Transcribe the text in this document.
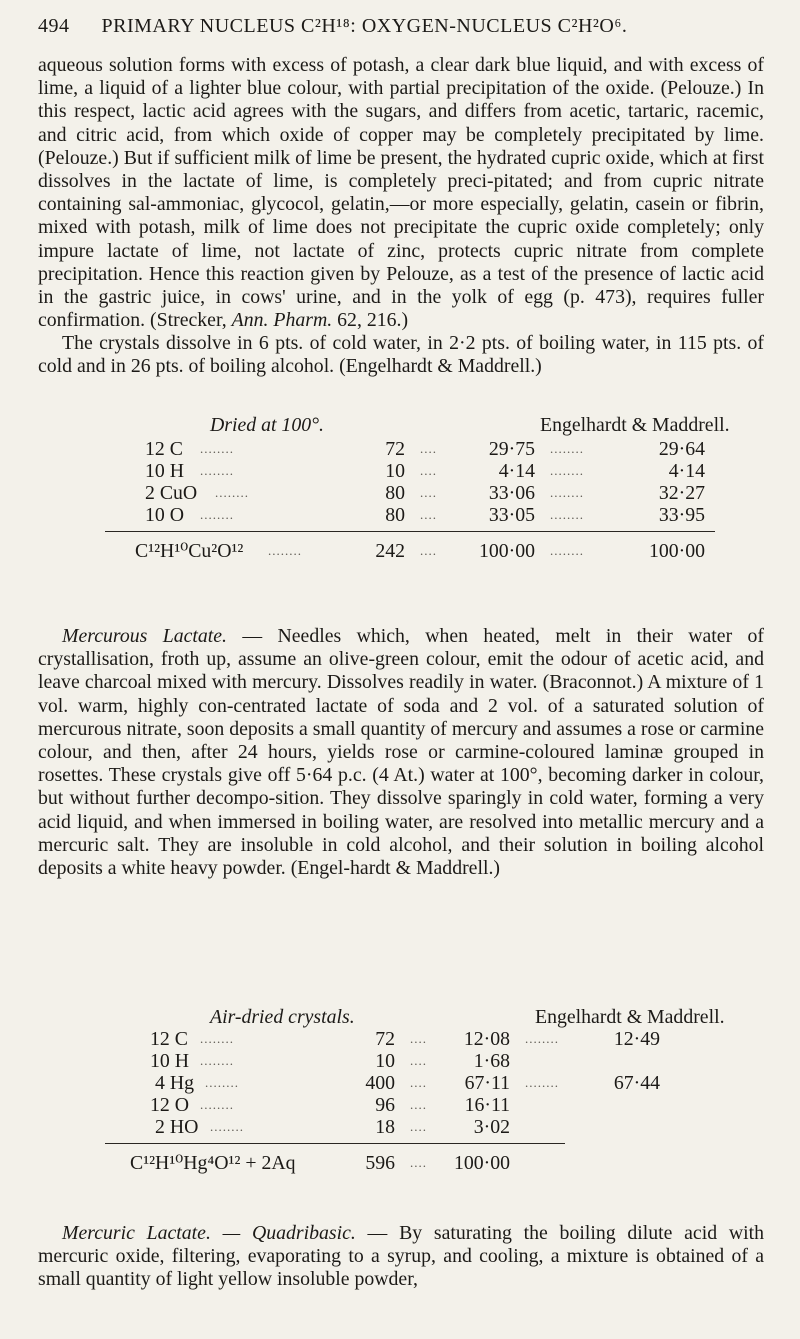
494 PRIMARY NUCLEUS C²H¹⁸: OXYGEN-NUCLEUS C²H²O⁶.
aqueous solution forms with excess of potash, a clear dark blue liquid, and with excess of lime, a liquid of a lighter blue colour, with partial precipitation of the oxide. (Pelouze.) In this respect, lactic acid agrees with the sugars, and differs from acetic, tartaric, racemic, and citric acid, from which oxide of copper may be completely precipitated by lime. (Pelouze.) But if sufficient milk of lime be present, the hydrated cupric oxide, which at first dissolves in the lactate of lime, is completely preci-pitated; and from cupric nitrate containing sal-ammoniac, glycocol, gelatin,—or more especially, gelatin, casein or fibrin, mixed with potash, milk of lime does not precipitate the cupric oxide completely; only impure lactate of lime, not lactate of zinc, protects cupric nitrate from complete precipitation. Hence this reaction given by Pelouze, as a test of the presence of lactic acid in the gastric juice, in cows' urine, and in the yolk of egg (p. 473), requires fuller confirmation. (Strecker, Ann. Pharm. 62, 216.)
The crystals dissolve in 6 pts. of cold water, in 2·2 pts. of boiling water, in 115 pts. of cold and in 26 pts. of boiling alcohol. (Engelhardt & Maddrell.)
Dried at 100°.	Engelhardt & Maddrell.
12 C ........	72 ....	29·75 ........	29·64
10 H ........	10 ....	4·14 ........	4·14
2 CuO ........	80 ....	33·06 ........	32·27
10 O ........	80 ....	33·05 ........	33·95
C¹²H¹⁰Cu²O¹² ........	242 ....	100·00 ........	100·00
Mercurous Lactate. — Needles which, when heated, melt in their water of crystallisation, froth up, assume an olive-green colour, emit the odour of acetic acid, and leave charcoal mixed with mercury. Dissolves readily in water. (Braconnot.) A mixture of 1 vol. warm, highly con-centrated lactate of soda and 2 vol. of a saturated solution of mercurous nitrate, soon deposits a small quantity of mercury and assumes a rose or carmine colour, and then, after 24 hours, yields rose or carmine-coloured laminæ grouped in rosettes. These crystals give off 5·64 p.c. (4 At.) water at 100°, becoming darker in colour, but without further decompo-sition. They dissolve sparingly in cold water, forming a very acid liquid, and when immersed in boiling water, are resolved into metallic mercury and a mercuric salt. They are insoluble in cold alcohol, and their solution in boiling alcohol deposits a white heavy powder. (Engel-hardt & Maddrell.)
Air-dried crystals.	Engelhardt & Maddrell.
12 C ........	72 ....	12·08 ........	12·49
10 H ........	10 ....	1·68
4 Hg ........	400 ....	67·11 ........	67·44
12 O ........	96 ....	16·11
2 HO ........	18 ....	3·02
C¹²H¹⁰Hg⁴O¹² + 2Aq	596 ....	100·00
Mercuric Lactate. — Quadribasic. — By saturating the boiling dilute acid with mercuric oxide, filtering, evaporating to a syrup, and cooling, a mixture is obtained of a small quantity of light yellow insoluble powder,
